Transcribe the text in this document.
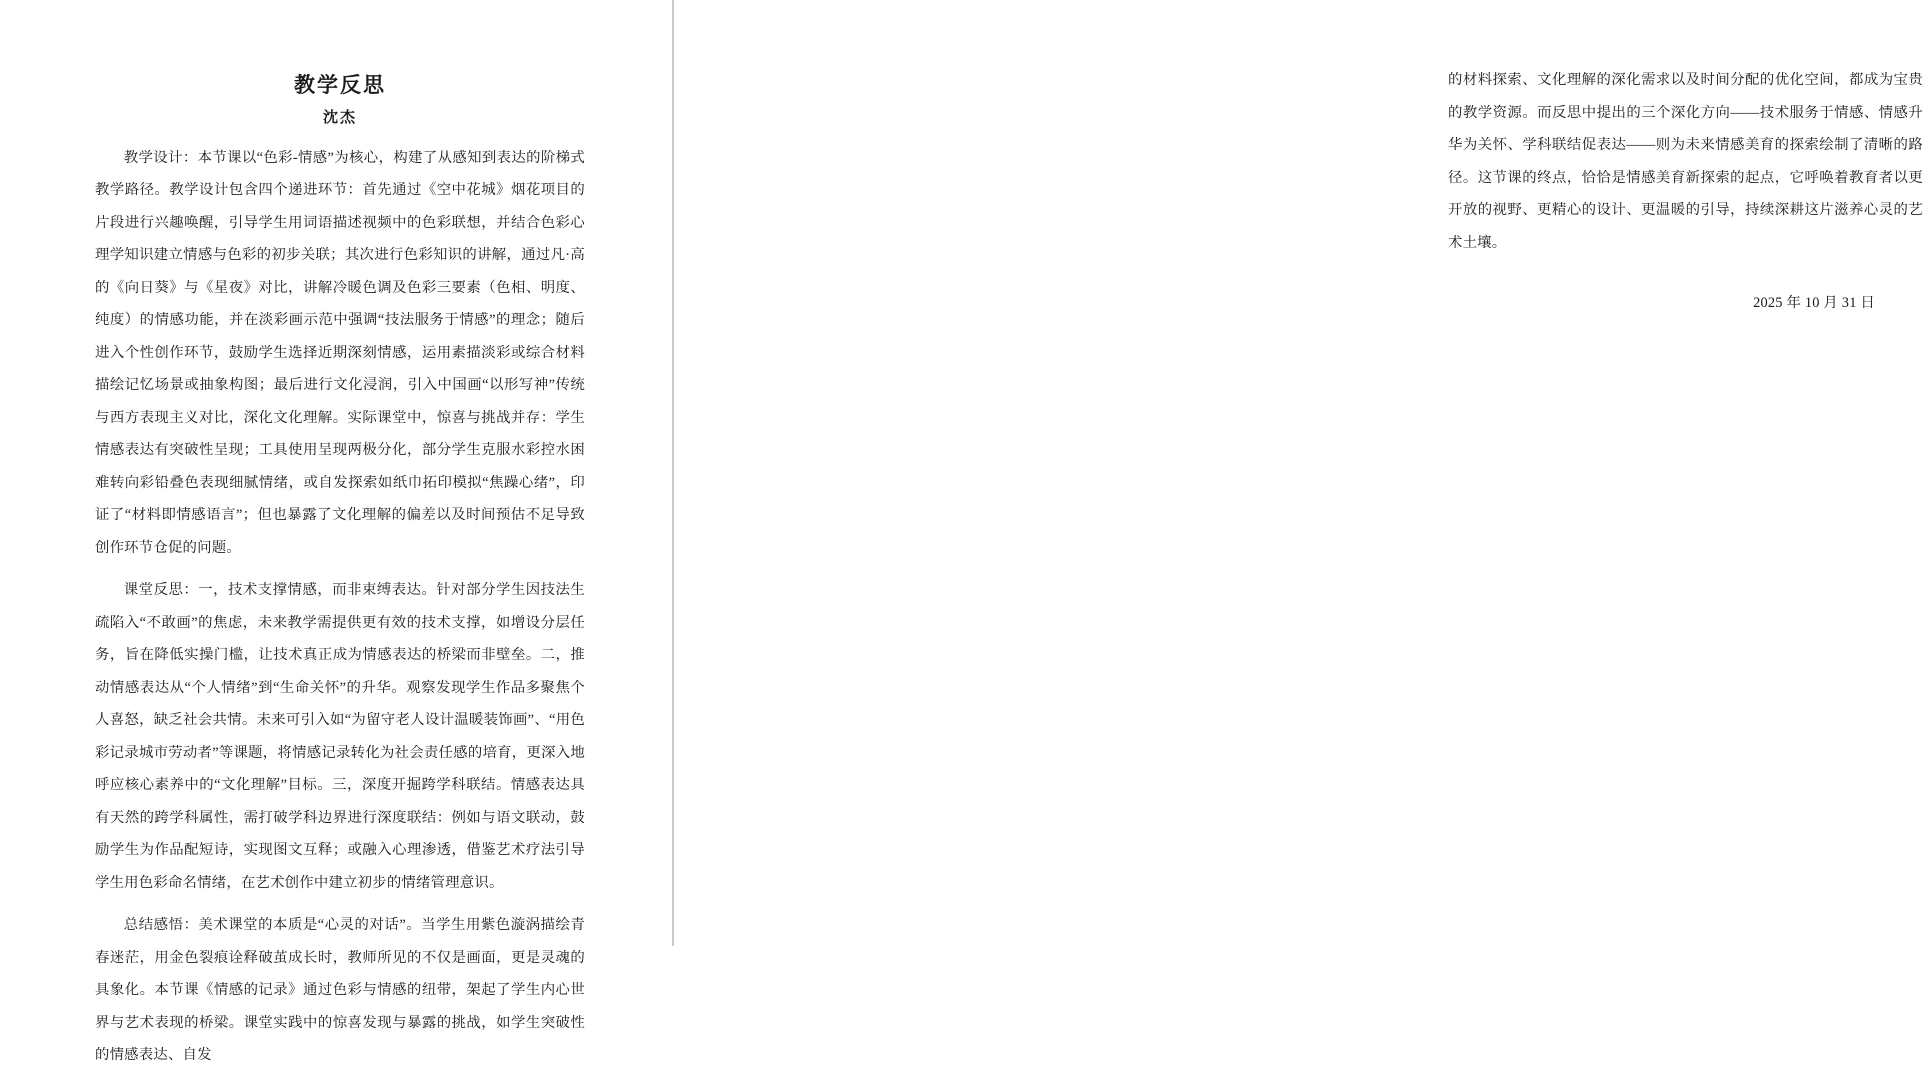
教学反思
沈杰

教学设计：本节课以“色彩-情感”为核心，构建了从感知到表达的阶梯式教学路径。教学设计包含四个递进环节：首先通过《空中花城》烟花项目的片段进行兴趣唤醒，引导学生用词语描述视频中的色彩联想，并结合色彩心理学知识建立情感与色彩的初步关联；其次进行色彩知识的讲解，通过凡·高的《向日葵》与《星夜》对比，讲解冷暖色调及色彩三要素（色相、明度、纯度）的情感功能，并在淡彩画示范中强调“技法服务于情感”的理念；随后进入个性创作环节，鼓励学生选择近期深刻情感，运用素描淡彩或综合材料描绘记忆场景或抽象构图；最后进行文化浸润，引入中国画“以形写神”传统与西方表现主义对比，深化文化理解。实际课堂中，惊喜与挑战并存：学生情感表达有突破性呈现；工具使用呈现两极分化，部分学生克服水彩控水困难转向彩铅叠色表现细腻情绪，或自发探索如纸巾拓印模拟“焦躁心绪”，印证了“材料即情感语言”；但也暴露了文化理解的偏差以及时间预估不足导致创作环节仓促的问题。

课堂反思：一，技术支撑情感，而非束缚表达。针对部分学生因技法生疏陷入“不敢画”的焦虑，未来教学需提供更有效的技术支撑，如增设分层任务，旨在降低实操门槛，让技术真正成为情感表达的桥梁而非壁垒。二，推动情感表达从“个人情绪”到“生命关怀”的升华。观察发现学生作品多聚焦个人喜怒，缺乏社会共情。未来可引入如“为留守老人设计温暖装饰画”、“用色彩记录城市劳动者”等课题，将情感记录转化为社会责任感的培育，更深入地呼应核心素养中的“文化理解”目标。三，深度开掘跨学科联结。情感表达具有天然的跨学科属性，需打破学科边界进行深度联结：例如与语文联动，鼓励学生为作品配短诗，实现图文互释；或融入心理渗透，借鉴艺术疗法引导学生用色彩命名情绪，在艺术创作中建立初步的情绪管理意识。

总结感悟：美术课堂的本质是“心灵的对话”。当学生用紫色漩涡描绘青春迷茫，用金色裂痕诠释破茧成长时，教师所见的不仅是画面，更是灵魂的具象化。本节课《情感的记录》通过色彩与情感的纽带，架起了学生内心世界与艺术表现的桥梁。课堂实践中的惊喜发现与暴露的挑战，如学生突破性的情感表达、自发

的材料探索、文化理解的深化需求以及时间分配的优化空间，都成为宝贵的教学资源。而反思中提出的三个深化方向——技术服务于情感、情感升华为关怀、学科联结促表达——则为未来情感美育的探索绘制了清晰的路径。这节课的终点，恰恰是情感美育新探索的起点，它呼唤着教育者以更开放的视野、更精心的设计、更温暖的引导，持续深耕这片滋养心灵的艺术土壤。

2025 年 10 月 31 日
